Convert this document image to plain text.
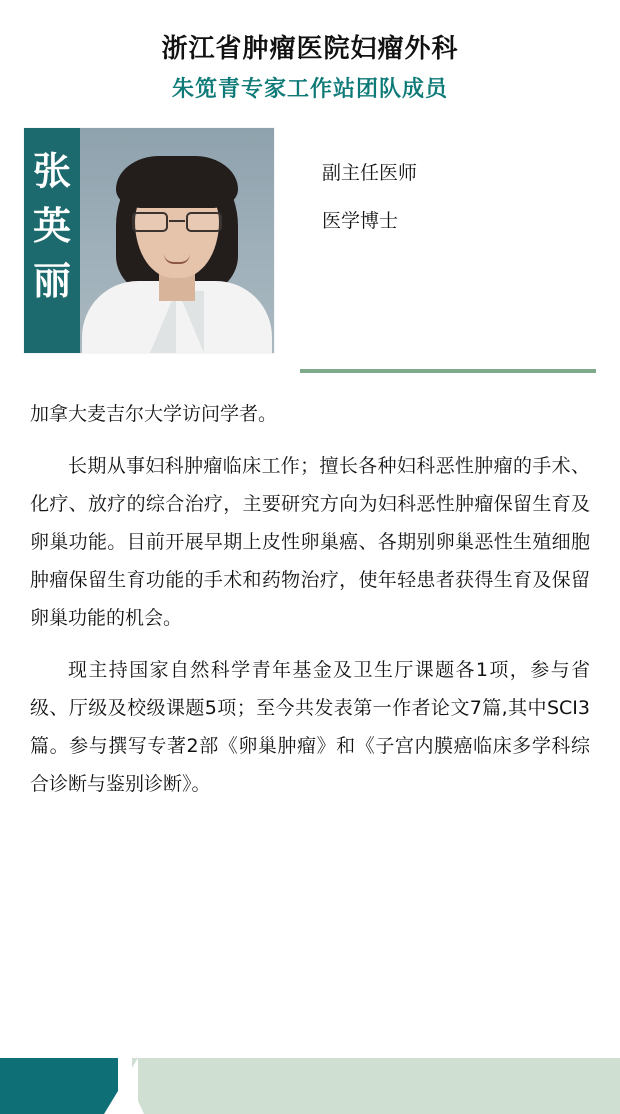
浙江省肿瘤医院妇瘤外科
朱笕青专家工作站团队成员
张
英
丽
副主任医师
医学博士

加拿大麦吉尔大学访问学者。

长期从事妇科肿瘤临床工作；擅长各种妇科恶性肿瘤的手术、化疗、放疗的综合治疗，主要研究方向为妇科恶性肿瘤保留生育及卵巢功能。目前开展早期上皮性卵巢癌、各期别卵巢恶性生殖细胞肿瘤保留生育功能的手术和药物治疗，使年轻患者获得生育及保留卵巢功能的机会。

现主持国家自然科学青年基金及卫生厅课题各1项，参与省级、厅级及校级课题5项；至今共发表第一作者论文7篇,其中SCI3篇。参与撰写专著2部《卵巢肿瘤》和《子宫内膜癌临床多学科综合诊断与鉴别诊断》。
